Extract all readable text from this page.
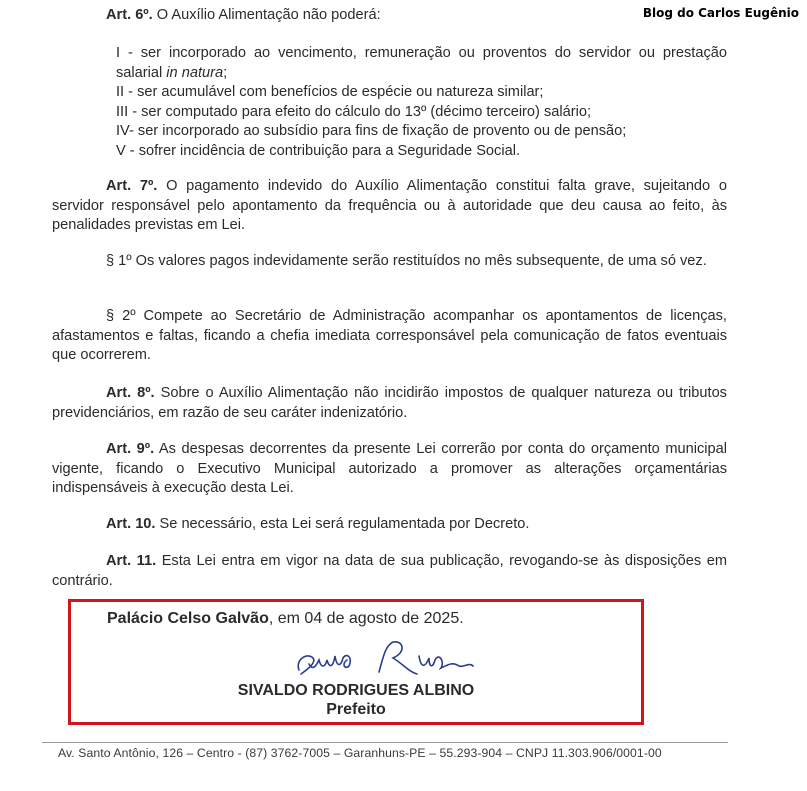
Blog do Carlos Eugênio

Art. 6º. O Auxílio Alimentação não poderá:

I - ser incorporado ao vencimento, remuneração ou proventos do servidor ou prestação salarial in natura;
II - ser acumulável com benefícios de espécie ou natureza similar;
III - ser computado para efeito do cálculo do 13º (décimo terceiro) salário;
IV- ser incorporado ao subsídio para fins de fixação de provento ou de pensão;
V - sofrer incidência de contribuição para a Seguridade Social.

Art. 7º. O pagamento indevido do Auxílio Alimentação constitui falta grave, sujeitando o servidor responsável pelo apontamento da frequência ou à autoridade que deu causa ao feito, às penalidades previstas em Lei.

§ 1º Os valores pagos indevidamente serão restituídos no mês subsequente, de uma só vez.

§ 2º Compete ao Secretário de Administração acompanhar os apontamentos de licenças, afastamentos e faltas, ficando a chefia imediata corresponsável pela comunicação de fatos eventuais que ocorrerem.

Art. 8º. Sobre o Auxílio Alimentação não incidirão impostos de qualquer natureza ou tributos previdenciários, em razão de seu caráter indenizatório.

Art. 9º. As despesas decorrentes da presente Lei correrão por conta do orçamento municipal vigente, ficando o Executivo Municipal autorizado a promover as alterações orçamentárias indispensáveis à execução desta Lei.

Art. 10. Se necessário, esta Lei será regulamentada por Decreto.

Art. 11. Esta Lei entra em vigor na data de sua publicação, revogando-se às disposições em contrário.

Palácio Celso Galvão, em 04 de agosto de 2025.
SIVALDO RODRIGUES ALBINO
Prefeito
Av. Santo Antônio, 126 – Centro - (87) 3762-7005 – Garanhuns-PE – 55.293-904 – CNPJ 11.303.906/0001-00
